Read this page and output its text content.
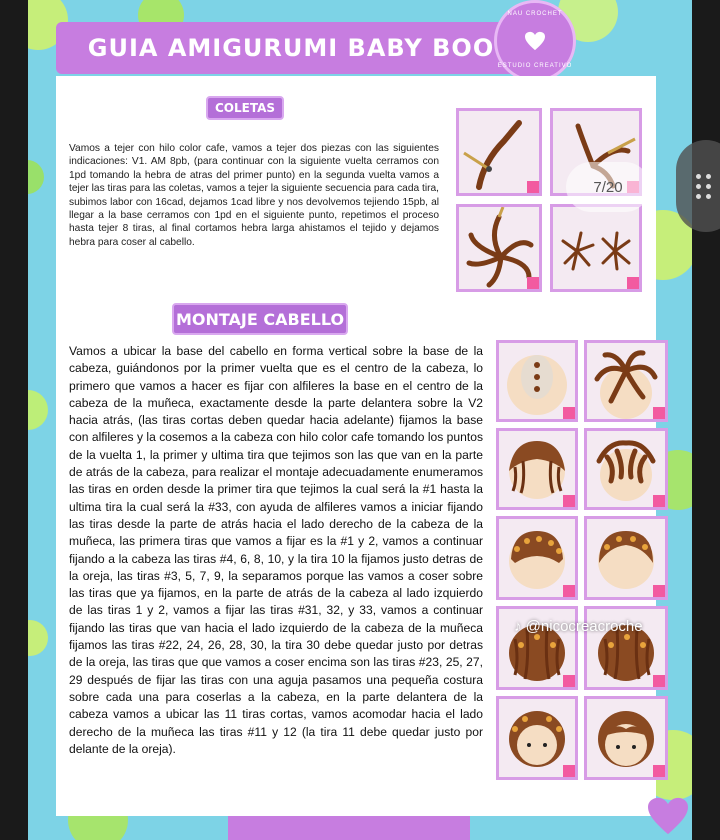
GUIA AMIGURUMI BABY BOO
NAU CROCHET
ESTUDIO CREATIVO
COLETAS

Vamos a tejer con hilo color cafe, vamos a tejer dos piezas con las siguientes indicaciones: V1. AM 8pb, (para continuar con la siguiente vuelta cerramos con 1pd tomando la hebra de atras del primer punto) en la segunda vuelta vamos a tejer las tiras para las coletas, vamos a tejer la siguiente secuencia para cada tira, subimos labor con 16cad, dejamos 1cad libre y nos devolvemos tejiendo 15pb, al llegar a la base cerramos con 1pd en el siguiente punto, repetimos el proceso hasta tejer 8 tiras, al final cortamos hebra larga ahistamos el tejido y dejamos hebra para coser al cabello.

MONTAJE CABELLO

Vamos a ubicar la base del cabello en forma vertical sobre la base de la cabeza, guiándonos por la primer vuelta que es el centro de la cabeza, lo primero que vamos a hacer es fijar con alfileres la base en el centro de la cabeza de la muñeca, exactamente desde la parte delantera sobre la V2 hacia atrás, (las tiras cortas deben quedar hacia adelante) fijamos la base con alfileres y la cosemos a la cabeza con hilo color cafe tomando los puntos de la vuelta 1, la primer y ultima tira que tejimos son las que van en la parte de atrás de la cabeza, para realizar el montaje adecuadamente enumeramos las tiras en orden desde la primer tira que tejimos la cual será la #1 hasta la ultima tira la cual será la #33, con ayuda de alfileres vamos a iniciar fijando las tiras desde la parte de atrás hacia el lado derecho de la cabeza de la muñeca, las primera tiras que vamos a fijar es la #1 y 2, vamos a continuar fijando a la cabeza las tiras #4, 6, 8, 10, y la tira 10 la fijamos justo detras de la oreja, las tiras #3, 5, 7, 9, la separamos porque las vamos a coser sobre las tiras que ya fijamos, en la parte de atrás de la cabeza al lado izquierdo de las tiras 1 y 2, vamos a fijar las tiras #31, 32, y 33, vamos a continuar fijando las tiras que van hacia el lado izquierdo de la cabeza de la muñeca fijamos las tiras #22, 24, 26, 28, 30, la tira 30 debe quedar justo por detras de la oreja, las tiras que que vamos a coser encima son las tiras #23, 25, 27, 29 después de fijar las tiras con una aguja pasamos una pequeña costura sobre cada una para coserlas a la cabeza, en la parte delantera de la cabeza vamos a ubicar las 11 tiras cortas, vamos acomodar hacia el lado derecho de la muñeca las tiras #11 y 12 (la tira 11 debe quedar justo por delante de la oreja).

7/20
♪ @nicocreacroche
